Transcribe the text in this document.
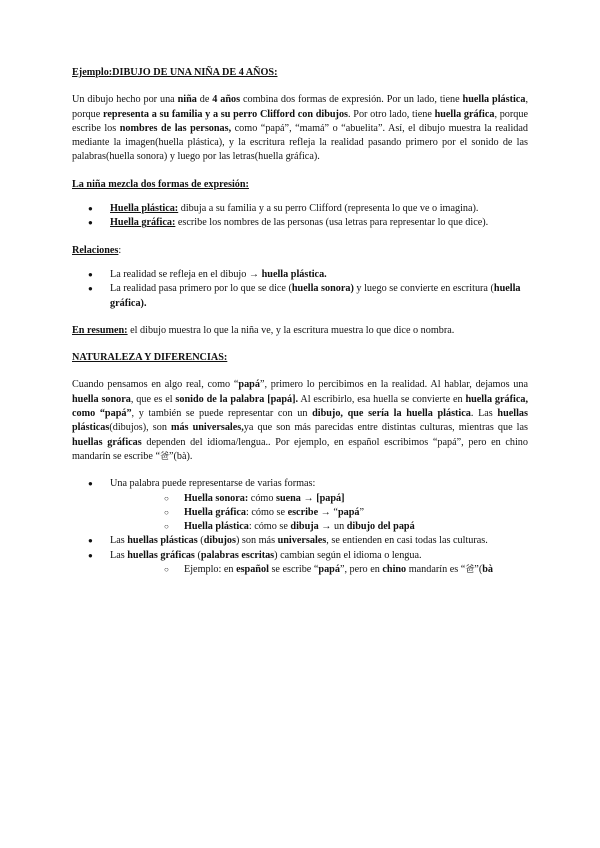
Ejemplo:DIBUJO DE UNA NIÑA DE 4 AÑOS:

Un dibujo hecho por una niña de 4 años combina dos formas de expresión. Por un lado, tiene huella plástica, porque representa a su familia y a su perro Clifford con dibujos. Por otro lado, tiene huella gráfica, porque escribe los nombres de las personas, como “papá”, “mamá” o “abuelita”. Así, el dibujo muestra la realidad mediante la imagen(huella plástica), y la escritura refleja la realidad pasando primero por el sonido de las palabras(huella sonora) y luego por las letras(huella gráfica).

La niña mezcla dos formas de expresión:

● Huella plástica: dibuja a su familia y a su perro Clifford (representa lo que ve o imagina).
● Huella gráfica: escribe los nombres de las personas (usa letras para representar lo que dice).

Relaciones:

● La realidad se refleja en el dibujo → huella plástica.
● La realidad pasa primero por lo que se dice (huella sonora) y luego se convierte en escritura (huella gráfica).

En resumen: el dibujo muestra lo que la niña ve, y la escritura muestra lo que dice o nombra.

NATURALEZA Y DIFERENCIAS:

Cuando pensamos en algo real, como “papá”, primero lo percibimos en la realidad. Al hablar, dejamos una huella sonora, que es el sonido de la palabra [papá]. Al escribirlo, esa huella se convierte en huella gráfica, como “papá”, y también se puede representar con un dibujo, que sería la huella plástica. Las huellas plásticas(dibujos), son más universales,ya que son más parecidas entre distintas culturas, mientras que las huellas gráficas dependen del idioma/lengua.. Por ejemplo, en español escribimos “papá”, pero en chino mandarín se escribe “爸”(bà).

● Una palabra puede representarse de varias formas:
○ Huella sonora: cómo suena → [papá]
○ Huella gráfica: cómo se escribe → “papá”
○ Huella plástica: cómo se dibuja → un dibujo del papá
● Las huellas plásticas (dibujos) son más universales, se entienden en casi todas las culturas.
● Las huellas gráficas (palabras escritas) cambian según el idioma o lengua.
○ Ejemplo: en español se escribe “papá”, pero en chino mandarín es “爸”(bà
